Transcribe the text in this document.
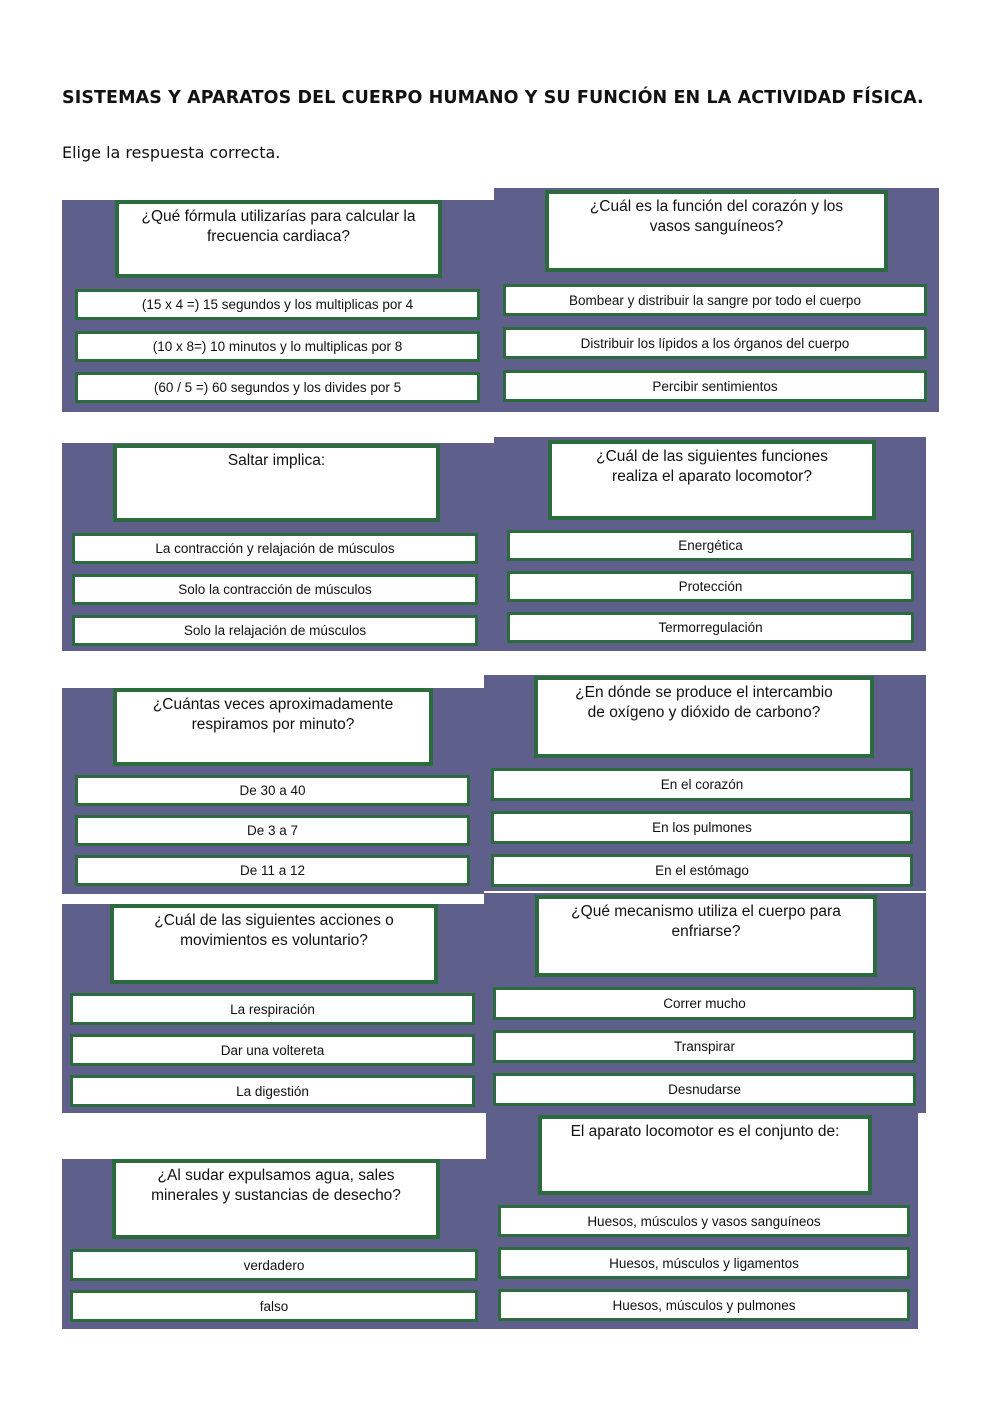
SISTEMAS Y APARATOS DEL CUERPO HUMANO Y SU FUNCIÓN EN LA ACTIVIDAD FÍSICA.
Elige la respuesta correcta.
¿Qué fórmula utilizarías para calcular la
frecuencia cardiaca?
(15 x 4 =) 15 segundos y los multiplicas por 4
(10 x 8=) 10 minutos y lo multiplicas por 8
(60 / 5 =) 60 segundos y los divides por 5
¿Cuál es la función del corazón y los
vasos sanguíneos?
Bombear y distribuir la sangre por todo el cuerpo
Distribuir los lípidos a los órganos del cuerpo
Percibir sentimientos
Saltar implica:
La contracción y relajación de músculos
Solo la contracción de músculos
Solo la relajación de músculos
¿Cuál de las siguientes funciones
realiza el aparato locomotor?
Energética
Protección
Termorregulación
¿Cuántas veces aproximadamente
respiramos por minuto?
De 30 a 40
De 3 a 7
De 11 a 12
¿En dónde se produce el intercambio
de oxígeno y dióxido de carbono?
En el corazón
En los pulmones
En el estómago
¿Cuál de las siguientes acciones o
movimientos es voluntario?
La respiración
Dar una voltereta
La digestión
¿Qué mecanismo utiliza el cuerpo para
enfriarse?
Correr mucho
Transpirar
Desnudarse
¿Al sudar expulsamos agua, sales
minerales y sustancias de desecho?
verdadero
falso
El aparato locomotor es el conjunto de:
Huesos, músculos y vasos sanguíneos
Huesos, músculos y ligamentos
Huesos, músculos y pulmones
